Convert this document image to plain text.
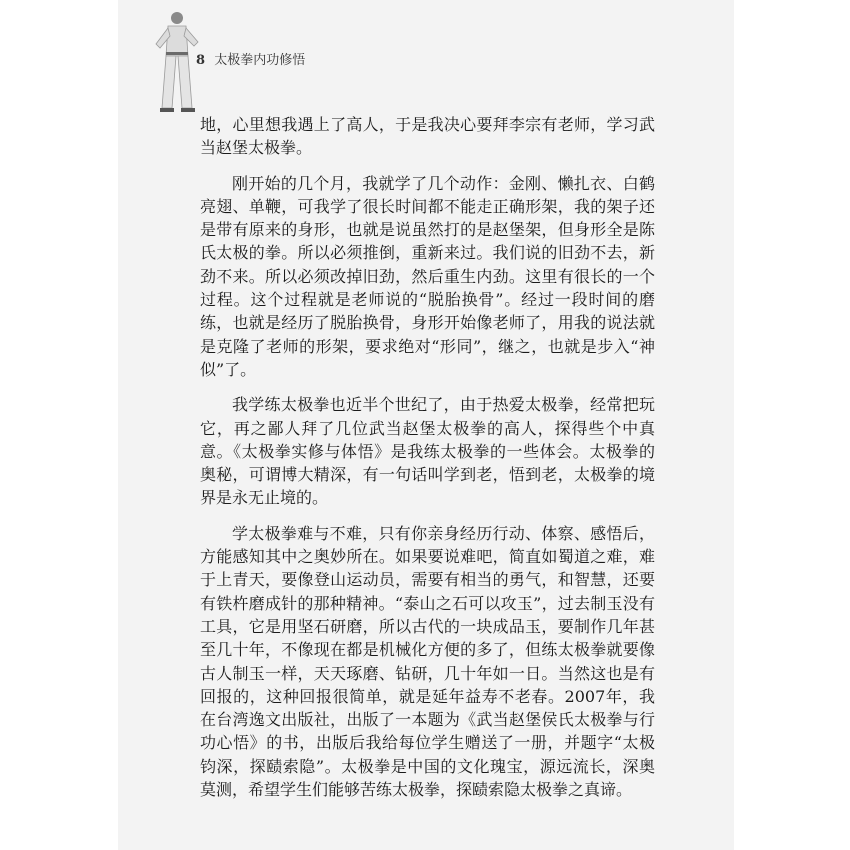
8 太极拳内功修悟

地，心里想我遇上了高人，于是我决心要拜李宗有老师，学习武当赵堡太极拳。

刚开始的几个月，我就学了几个动作：金刚、懒扎衣、白鹤亮翅、单鞭，可我学了很长时间都不能走正确形架，我的架子还是带有原来的身形，也就是说虽然打的是赵堡架，但身形全是陈氏太极的拳。所以必须推倒，重新来过。我们说的旧劲不去，新劲不来。所以必须改掉旧劲，然后重生内劲。这里有很长的一个过程。这个过程就是老师说的“脱胎换骨”。经过一段时间的磨练，也就是经历了脱胎换骨，身形开始像老师了，用我的说法就是克隆了老师的形架，要求绝对“形同”，继之，也就是步入“神似”了。

我学练太极拳也近半个世纪了，由于热爱太极拳，经常把玩它，再之鄙人拜了几位武当赵堡太极拳的高人，探得些个中真意。《太极拳实修与体悟》是我练太极拳的一些体会。太极拳的奥秘，可谓博大精深，有一句话叫学到老，悟到老，太极拳的境界是永无止境的。

学太极拳难与不难，只有你亲身经历行动、体察、感悟后，方能感知其中之奥妙所在。如果要说难吧，简直如蜀道之难，难于上青天，要像登山运动员，需要有相当的勇气，和智慧，还要有铁杵磨成针的那种精神。“泰山之石可以攻玉”，过去制玉没有工具，它是用坚石研磨，所以古代的一块成品玉，要制作几年甚至几十年，不像现在都是机械化方便的多了，但练太极拳就要像古人制玉一样，天天琢磨、钻研，几十年如一日。当然这也是有回报的，这种回报很简单，就是延年益寿不老春。2007年，我在台湾逸文出版社，出版了一本题为《武当赵堡侯氏太极拳与行功心悟》的书，出版后我给每位学生赠送了一册，并题字“太极钧深，探赜索隐”。太极拳是中国的文化瑰宝，源远流长，深奥莫测，希望学生们能够苦练太极拳，探赜索隐太极拳之真谛。
